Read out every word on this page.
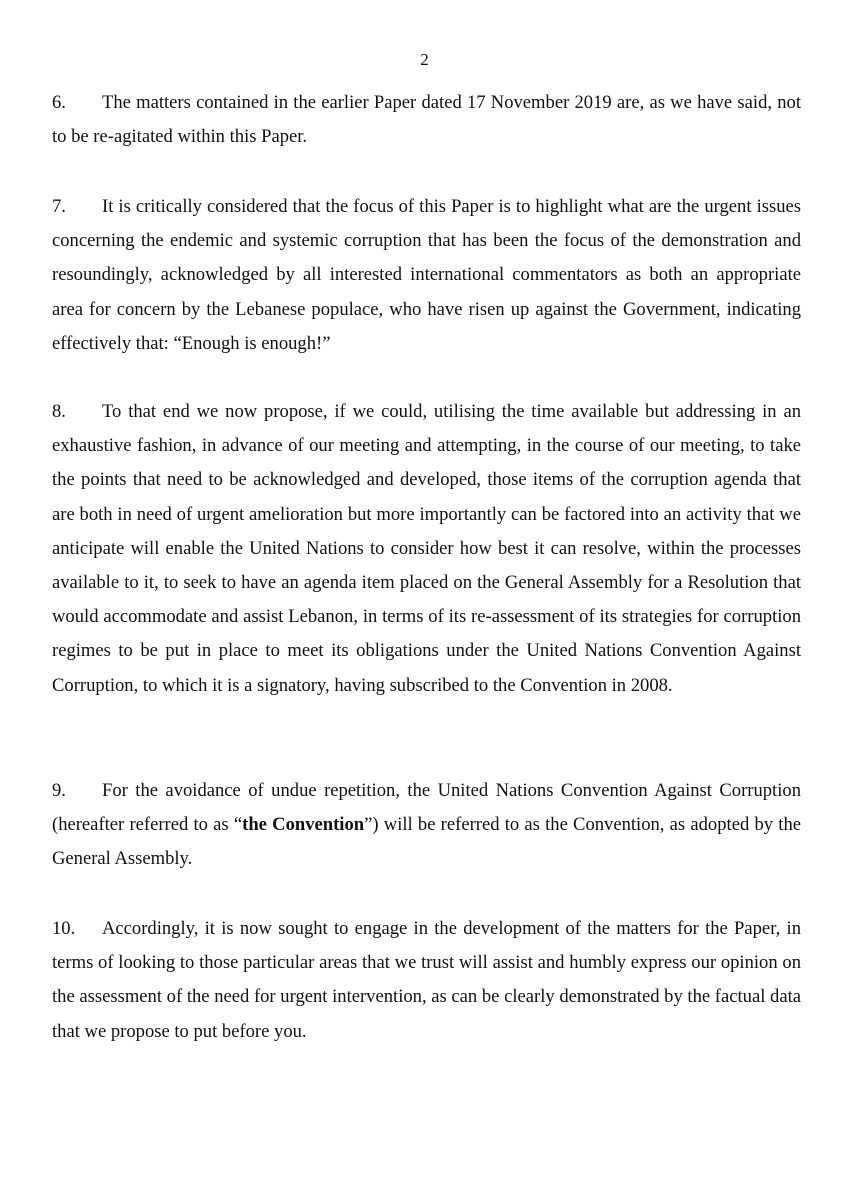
2

6. The matters contained in the earlier Paper dated 17 November 2019 are, as we have said, not to be re-agitated within this Paper.

7. It is critically considered that the focus of this Paper is to highlight what are the urgent issues concerning the endemic and systemic corruption that has been the focus of the demonstration and resoundingly, acknowledged by all interested international commentators as both an appropriate area for concern by the Lebanese populace, who have risen up against the Government, indicating effectively that: “Enough is enough!”

8. To that end we now propose, if we could, utilising the time available but addressing in an exhaustive fashion, in advance of our meeting and attempting, in the course of our meeting, to take the points that need to be acknowledged and developed, those items of the corruption agenda that are both in need of urgent amelioration but more importantly can be factored into an activity that we anticipate will enable the United Nations to consider how best it can resolve, within the processes available to it, to seek to have an agenda item placed on the General Assembly for a Resolution that would accommodate and assist Lebanon, in terms of its re-assessment of its strategies for corruption regimes to be put in place to meet its obligations under the United Nations Convention Against Corruption, to which it is a signatory, having subscribed to the Convention in 2008.

9. For the avoidance of undue repetition, the United Nations Convention Against Corruption (hereafter referred to as “the Convention”) will be referred to as the Convention, as adopted by the General Assembly.

10. Accordingly, it is now sought to engage in the development of the matters for the Paper, in terms of looking to those particular areas that we trust will assist and humbly express our opinion on the assessment of the need for urgent intervention, as can be clearly demonstrated by the factual data that we propose to put before you.
